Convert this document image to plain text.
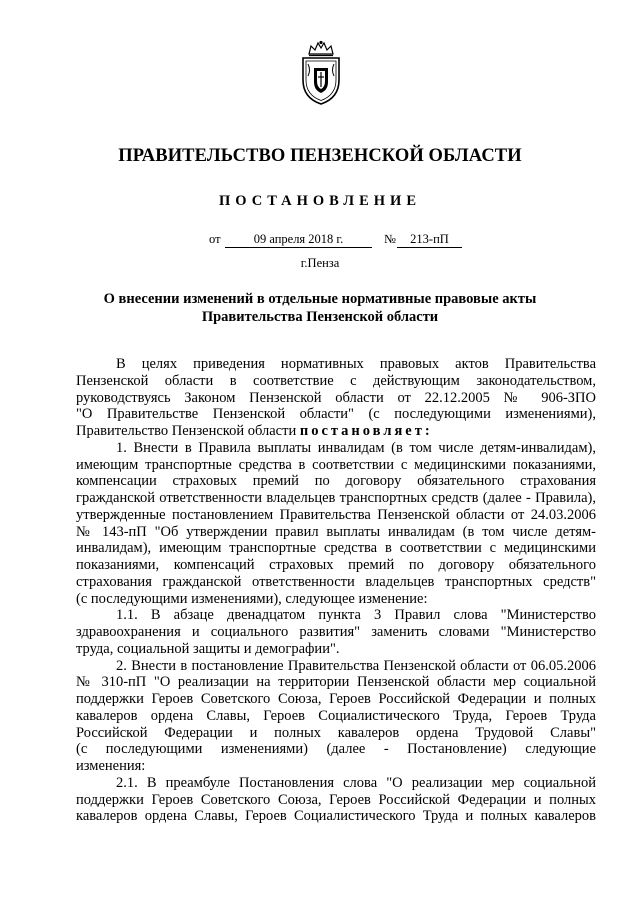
ПРАВИТЕЛЬСТВО ПЕНЗЕНСКОЙ ОБЛАСТИ
ПОСТАНОВЛЕНИЕ
от	09 апреля 2018 г.	№	213-пП
г.Пенза
О внесении изменений в отдельные нормативные правовые акты
Правительства Пензенской области
В целях приведения нормативных правовых актов Правительства
Пензенской области в соответствие с действующим законодательством,
руководствуясь Законом Пензенской области от 22.12.2005 № 906-ЗПО
"О Правительстве Пензенской области" (с последующими изменениями),
Правительство Пензенской области постановляет:
1. Внести в Правила выплаты инвалидам (в том числе детям-инвалидам),
имеющим транспортные средства в соответствии с медицинскими показаниями,
компенсации страховых премий по договору обязательного страхования
гражданской ответственности владельцев транспортных средств (далее - Правила),
утвержденные постановлением Правительства Пензенской области от 24.03.2006
№ 143-пП "Об утверждении правил выплаты инвалидам (в том числе детям-
инвалидам), имеющим транспортные средства в соответствии с медицинскими
показаниями, компенсаций страховых премий по договору обязательного
страхования гражданской ответственности владельцев транспортных средств"
(с последующими изменениями), следующее изменение:
1.1. В абзаце двенадцатом пункта 3 Правил слова "Министерство
здравоохранения и социального развития" заменить словами "Министерство
труда, социальной защиты и демографии".
2. Внести в постановление Правительства Пензенской области от 06.05.2006
№ 310-пП "О реализации на территории Пензенской области мер социальной
поддержки Героев Советского Союза, Героев Российской Федерации и полных
кавалеров ордена Славы, Героев Социалистического Труда, Героев Труда
Российской Федерации и полных кавалеров ордена Трудовой Славы"
(с последующими изменениями) (далее - Постановление) следующие
изменения:
2.1. В преамбуле Постановления слова "О реализации мер социальной
поддержки Героев Советского Союза, Героев Российской Федерации и полных
кавалеров ордена Славы, Героев Социалистического Труда и полных кавалеров
